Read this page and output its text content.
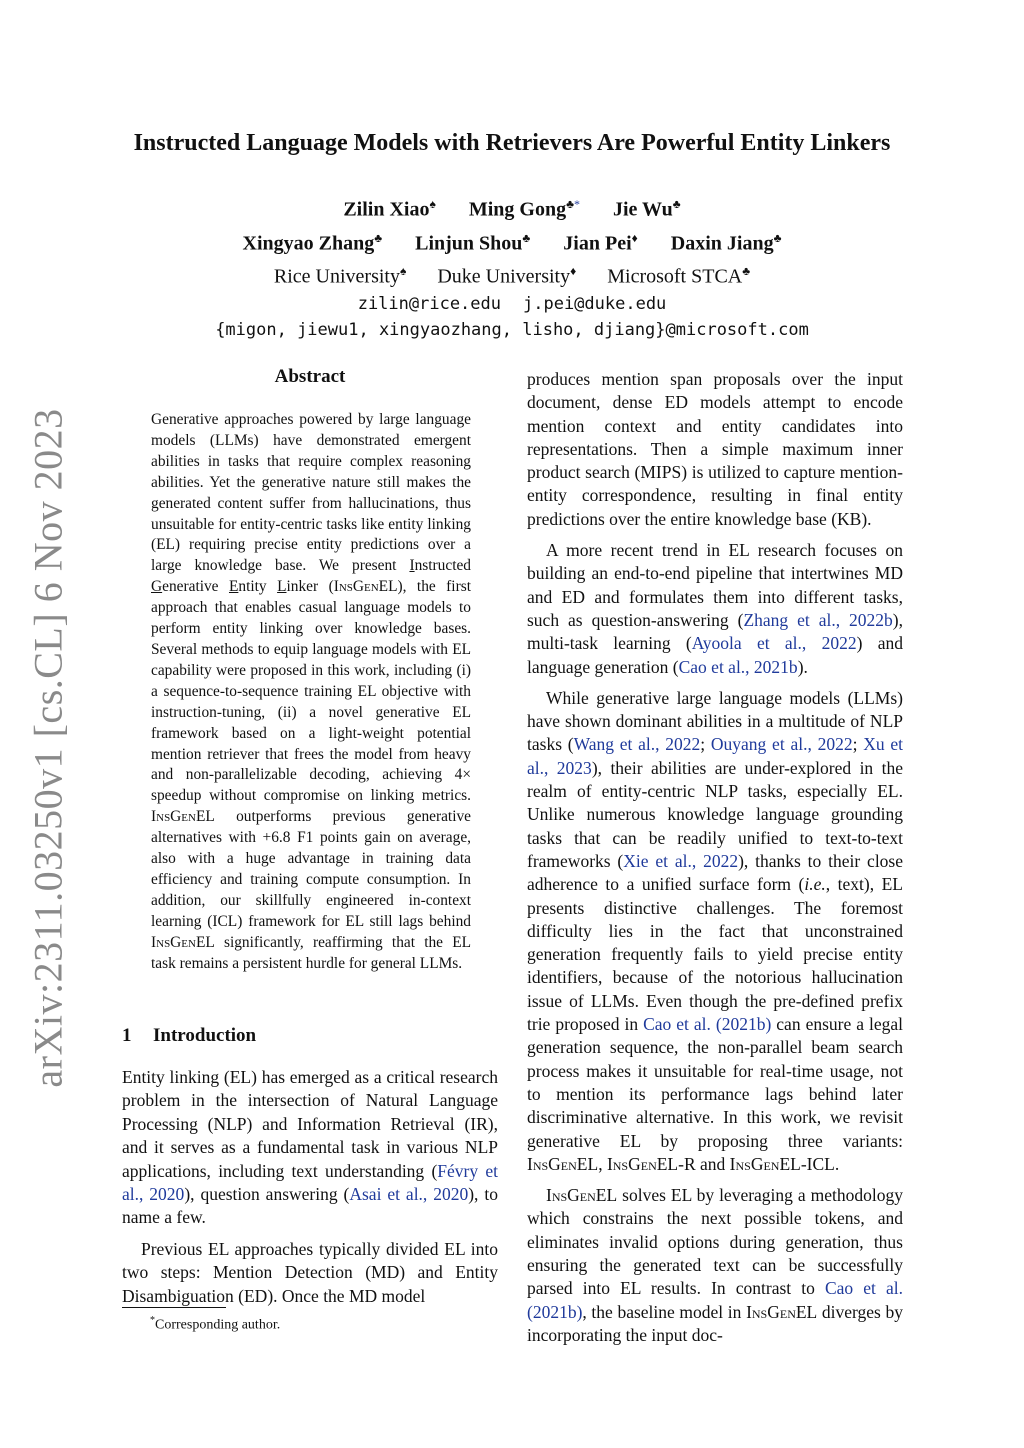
arXiv:2311.03250v1 [cs.CL] 6 Nov 2023
Instructed Language Models with Retrievers Are Powerful Entity Linkers
Zilin Xiao♠ Ming Gong♣* Jie Wu♣
Xingyao Zhang♣ Linjun Shou♣ Jian Pei♦ Daxin Jiang♣
Rice University♠ Duke University♦ Microsoft STCA♣
zilin@rice.edu j.pei@duke.edu
{migon, jiewu1, xingyaozhang, lisho, djiang}@microsoft.com
Abstract
Generative approaches powered by large language models (LLMs) have demonstrated emergent abilities in tasks that require complex reasoning abilities. Yet the generative nature still makes the generated content suffer from hallucinations, thus unsuitable for entity-centric tasks like entity linking (EL) requiring precise entity predictions over a large knowledge base. We present Instructed Generative Entity Linker (InsGenEL), the first approach that enables casual language models to perform entity linking over knowledge bases. Several methods to equip language models with EL capability were proposed in this work, including (i) a sequence-to-sequence training EL objective with instruction-tuning, (ii) a novel generative EL framework based on a light-weight potential mention retriever that frees the model from heavy and non-parallelizable decoding, achieving 4× speedup without compromise on linking metrics. InsGenEL outperforms previous generative alternatives with +6.8 F1 points gain on average, also with a huge advantage in training data efficiency and training compute consumption. In addition, our skillfully engineered in-context learning (ICL) framework for EL still lags behind InsGenEL significantly, reaffirming that the EL task remains a persistent hurdle for general LLMs.
1 Introduction

Entity linking (EL) has emerged as a critical research problem in the intersection of Natural Language Processing (NLP) and Information Retrieval (IR), and it serves as a fundamental task in various NLP applications, including text understanding (Févry et al., 2020), question answering (Asai et al., 2020), to name a few.

Previous EL approaches typically divided EL into two steps: Mention Detection (MD) and Entity Disambiguation (ED). Once the MD model

produces mention span proposals over the input document, dense ED models attempt to encode mention context and entity candidates into representations. Then a simple maximum inner product search (MIPS) is utilized to capture mention-entity correspondence, resulting in final entity predictions over the entire knowledge base (KB).

A more recent trend in EL research focuses on building an end-to-end pipeline that intertwines MD and ED and formulates them into different tasks, such as question-answering (Zhang et al., 2022b), multi-task learning (Ayoola et al., 2022) and language generation (Cao et al., 2021b).

While generative large language models (LLMs) have shown dominant abilities in a multitude of NLP tasks (Wang et al., 2022; Ouyang et al., 2022; Xu et al., 2023), their abilities are under-explored in the realm of entity-centric NLP tasks, especially EL. Unlike numerous knowledge language grounding tasks that can be readily unified to text-to-text frameworks (Xie et al., 2022), thanks to their close adherence to a unified surface form (i.e., text), EL presents distinctive challenges. The foremost difficulty lies in the fact that unconstrained generation frequently fails to yield precise entity identifiers, because of the notorious hallucination issue of LLMs. Even though the pre-defined prefix trie proposed in Cao et al. (2021b) can ensure a legal generation sequence, the non-parallel beam search process makes it unsuitable for real-time usage, not to mention its performance lags behind later discriminative alternative. In this work, we revisit generative EL by proposing three variants: InsGenEL, InsGenEL-R and InsGenEL-ICL.

InsGenEL solves EL by leveraging a methodology which constrains the next possible tokens, and eliminates invalid options during generation, thus ensuring the generated text can be successfully parsed into EL results. In contrast to Cao et al. (2021b), the baseline model in InsGenEL diverges by incorporating the input doc-

*Corresponding author.
